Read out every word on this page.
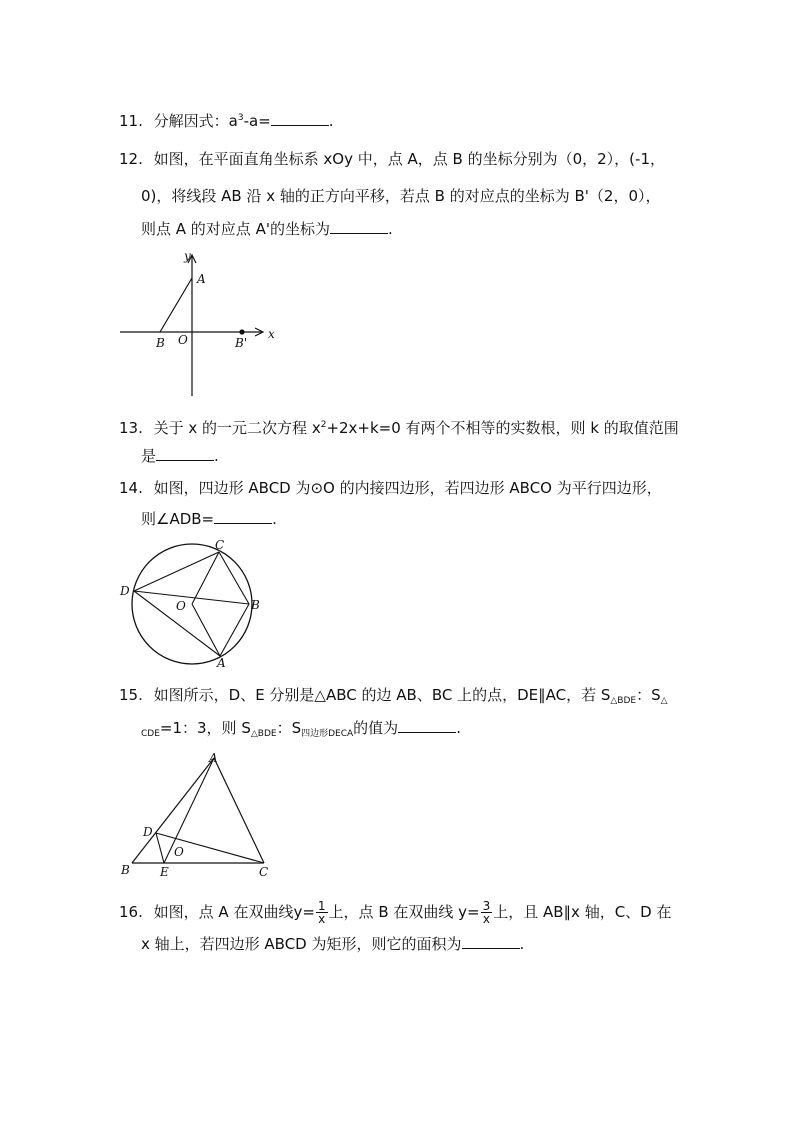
11. 分解因式：$a^3-a=$	.
12. 如图，在平面直角坐标系 xOy 中，点 A，点 B 的坐标分别为（0，2），(-1，
0)，将线段 AB 沿 x 轴的正方向平移，若点 B 的对应点的坐标为 B'（2，0），
则点 A 的对应点 A'的坐标为	.
y
A
x
B O	B'
13. 关于 x 的一元二次方程 $x^2+2x+k=0$ 有两个不相等的实数根，则 k 的取值范围
是	.
14. 如图，四边形 ABCD 为⊙O 的内接四边形，若四边形 ABCO 为平行四边形，
则∠ADB=	.
C
D
O	B
A
15. 如图所示，D、E 分别是△ABC 的边 AB、BC 上的点，DE∥AC，若 $S_{\triangle BDE}$：$S_\triangle$
$_{CDE}$=1：3，则 $S_{\triangle BDE}$：$S_{四边形DECA}$的值为	.
A
D
O
B	E	C
16. 如图，点 A 在双曲线$y= \frac{1}{x}$ 上，点 B 在双曲线 $y= \frac{3}{x}$ 上，且 AB∥x 轴，C、D 在
x 轴上，若四边形 ABCD 为矩形，则它的面积为	.
